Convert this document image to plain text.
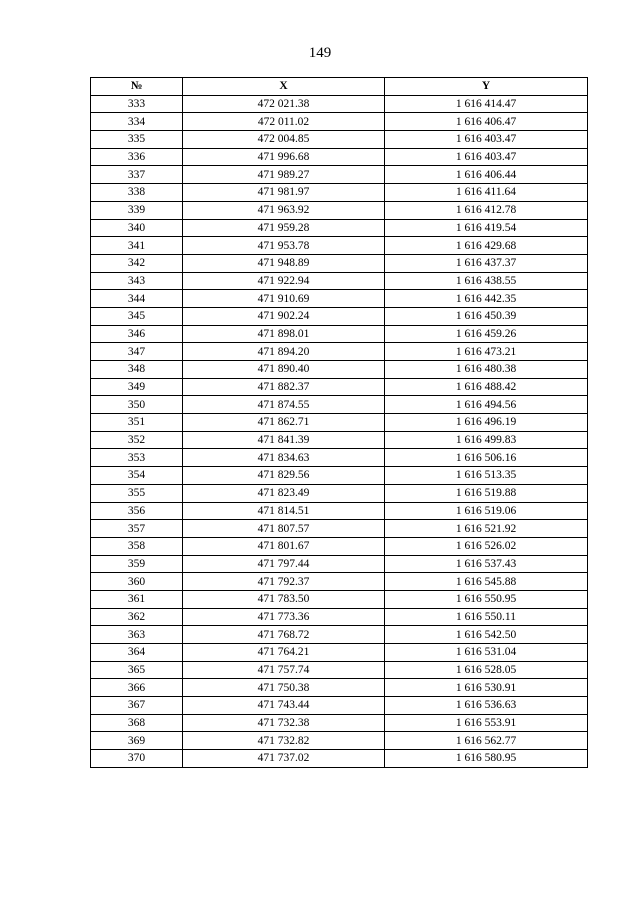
149
№	X	Y
333	472 021.38	1 616 414.47
334	472 011.02	1 616 406.47
335	472 004.85	1 616 403.47
336	471 996.68	1 616 403.47
337	471 989.27	1 616 406.44
338	471 981.97	1 616 411.64
339	471 963.92	1 616 412.78
340	471 959.28	1 616 419.54
341	471 953.78	1 616 429.68
342	471 948.89	1 616 437.37
343	471 922.94	1 616 438.55
344	471 910.69	1 616 442.35
345	471 902.24	1 616 450.39
346	471 898.01	1 616 459.26
347	471 894.20	1 616 473.21
348	471 890.40	1 616 480.38
349	471 882.37	1 616 488.42
350	471 874.55	1 616 494.56
351	471 862.71	1 616 496.19
352	471 841.39	1 616 499.83
353	471 834.63	1 616 506.16
354	471 829.56	1 616 513.35
355	471 823.49	1 616 519.88
356	471 814.51	1 616 519.06
357	471 807.57	1 616 521.92
358	471 801.67	1 616 526.02
359	471 797.44	1 616 537.43
360	471 792.37	1 616 545.88
361	471 783.50	1 616 550.95
362	471 773.36	1 616 550.11
363	471 768.72	1 616 542.50
364	471 764.21	1 616 531.04
365	471 757.74	1 616 528.05
366	471 750.38	1 616 530.91
367	471 743.44	1 616 536.63
368	471 732.38	1 616 553.91
369	471 732.82	1 616 562.77
370	471 737.02	1 616 580.95
